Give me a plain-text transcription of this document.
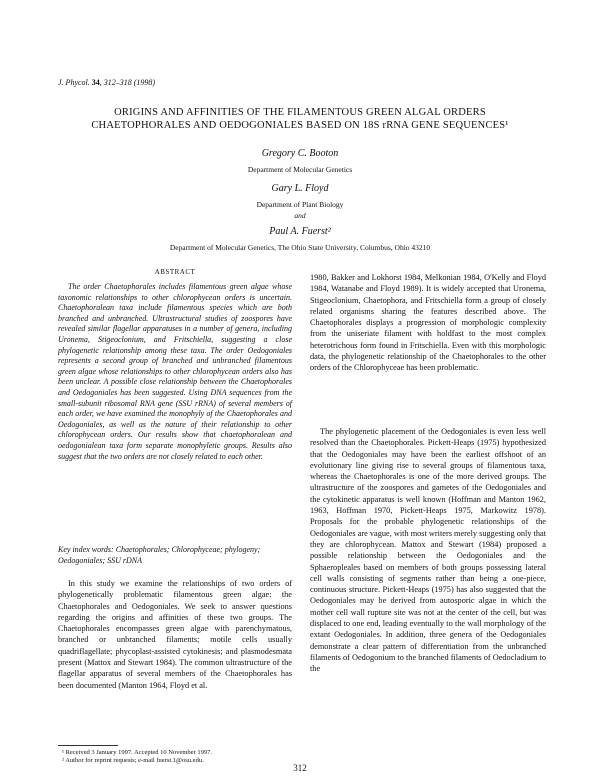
J. Phycol. 34, 312–318 (1998)
ORIGINS AND AFFINITIES OF THE FILAMENTOUS GREEN ALGAL ORDERS
CHAETOPHORALES AND OEDOGONIALES BASED ON 18S rRNA GENE SEQUENCES¹
Gregory C. Booton
Department of Molecular Genetics
Gary L. Floyd
Department of Plant Biology
and
Paul A. Fuerst²
Department of Molecular Genetics, The Ohio State University, Columbus, Ohio 43210
ABSTRACT
The order Chaetophorales includes filamentous green algae whose taxonomic relationships to other chlorophycean orders is uncertain. Chaetophoralean taxa include filamentous species which are both branched and unbranched. Ultrastructural studies of zoospores have revealed similar flagellar apparatuses in a number of genera, including Uronema, Stigeoclonium, and Fritschiella, suggesting a close phylogenetic relationship among these taxa. The order Oedogoniales represents a second group of branched and unbranched filamentous green algae whose relationships to other chlorophycean orders also has been unclear. A possible close relationship between the Chaetophorales and Oedogoniales has been suggested. Using DNA sequences from the small-subunit ribosomal RNA gene (SSU rRNA) of several members of each order, we have examined the monophyly of the Chaetophorales and Oedogoniales, as well as the nature of their relationship to other chlorophycean orders. Our results show that chaetophoralean and oedogonialean taxa form separate monophyletic groups. Results also suggest that the two orders are not closely related to each other.
Key index words: Chaetophorales; Chlorophyceae; phylogeny; Oedogoniales; SSU rDNA
In this study we examine the relationships of two orders of phylogenetically problematic filamentous green algae: the Chaetophorales and Oedogoniales. We seek to answer questions regarding the origins and affinities of these two groups. The Chaetophorales encompasses green algae with parenchymatous, branched or unbranched filaments; motile cells usually quadriflagellate; phycoplast-assisted cytokinesis; and plasmodesmata present (Mattox and Stewart 1984). The common ultrastructure of the flagellar apparatus of several members of the Chaetophorales has been documented (Manton 1964, Floyd et al.
1980, Bakker and Lokhorst 1984, Melkonian 1984, O'Kelly and Floyd 1984, Watanabe and Floyd 1989). It is widely accepted that Uronema, Stigeoclonium, Chaetophora, and Fritschiella form a group of closely related organisms sharing the features described above. The Chaetophorales displays a progression of morphologic complexity from the uniseriate filament with holdfast to the most complex heterotrichous form found in Fritschiella. Even with this morphologic data, the phylogenetic relationship of the Chaetophorales to the other orders of the Chlorophyceae has been problematic.
The phylogenetic placement of the Oedogoniales is even less well resolved than the Chaetophorales. Pickett-Heaps (1975) hypothesized that the Oedogoniales may have been the earliest offshoot of an evolutionary line giving rise to several groups of filamentous taxa, whereas the Chaetophorales is one of the more derived groups. The ultrastructure of the zoospores and gametes of the Oedogoniales and the cytokinetic apparatus is well known (Hoffman and Manton 1962, 1963, Hoffman 1970, Pickett-Heaps 1975, Markowitz 1978). Proposals for the probable phylogenetic relationships of the Oedogoniales are vague, with most writers merely suggesting only that they are chlorophycean. Mattox and Stewart (1984) proposed a possible relationship between the Oedogoniales and the Sphaeropleales based on members of both groups possessing lateral cell walls consisting of segments rather than being a one-piece, continuous structure. Pickett-Heaps (1975) has also suggested that the Oedogoniales may be derived from autosporic algae in which the mother cell wall rupture site was not at the center of the cell, but was displaced to one end, leading eventually to the wall morphology of the extant Oedogoniales. In addition, three genera of the Oedogoniales demonstrate a clear pattern of differentiation from the unbranched filaments of Oedogonium to the branched filaments of Oedocladium to the
¹ Received 3 January 1997. Accepted 10 November 1997.
² Author for reprint requests; e-mail fuerst.1@osu.edu.
312
